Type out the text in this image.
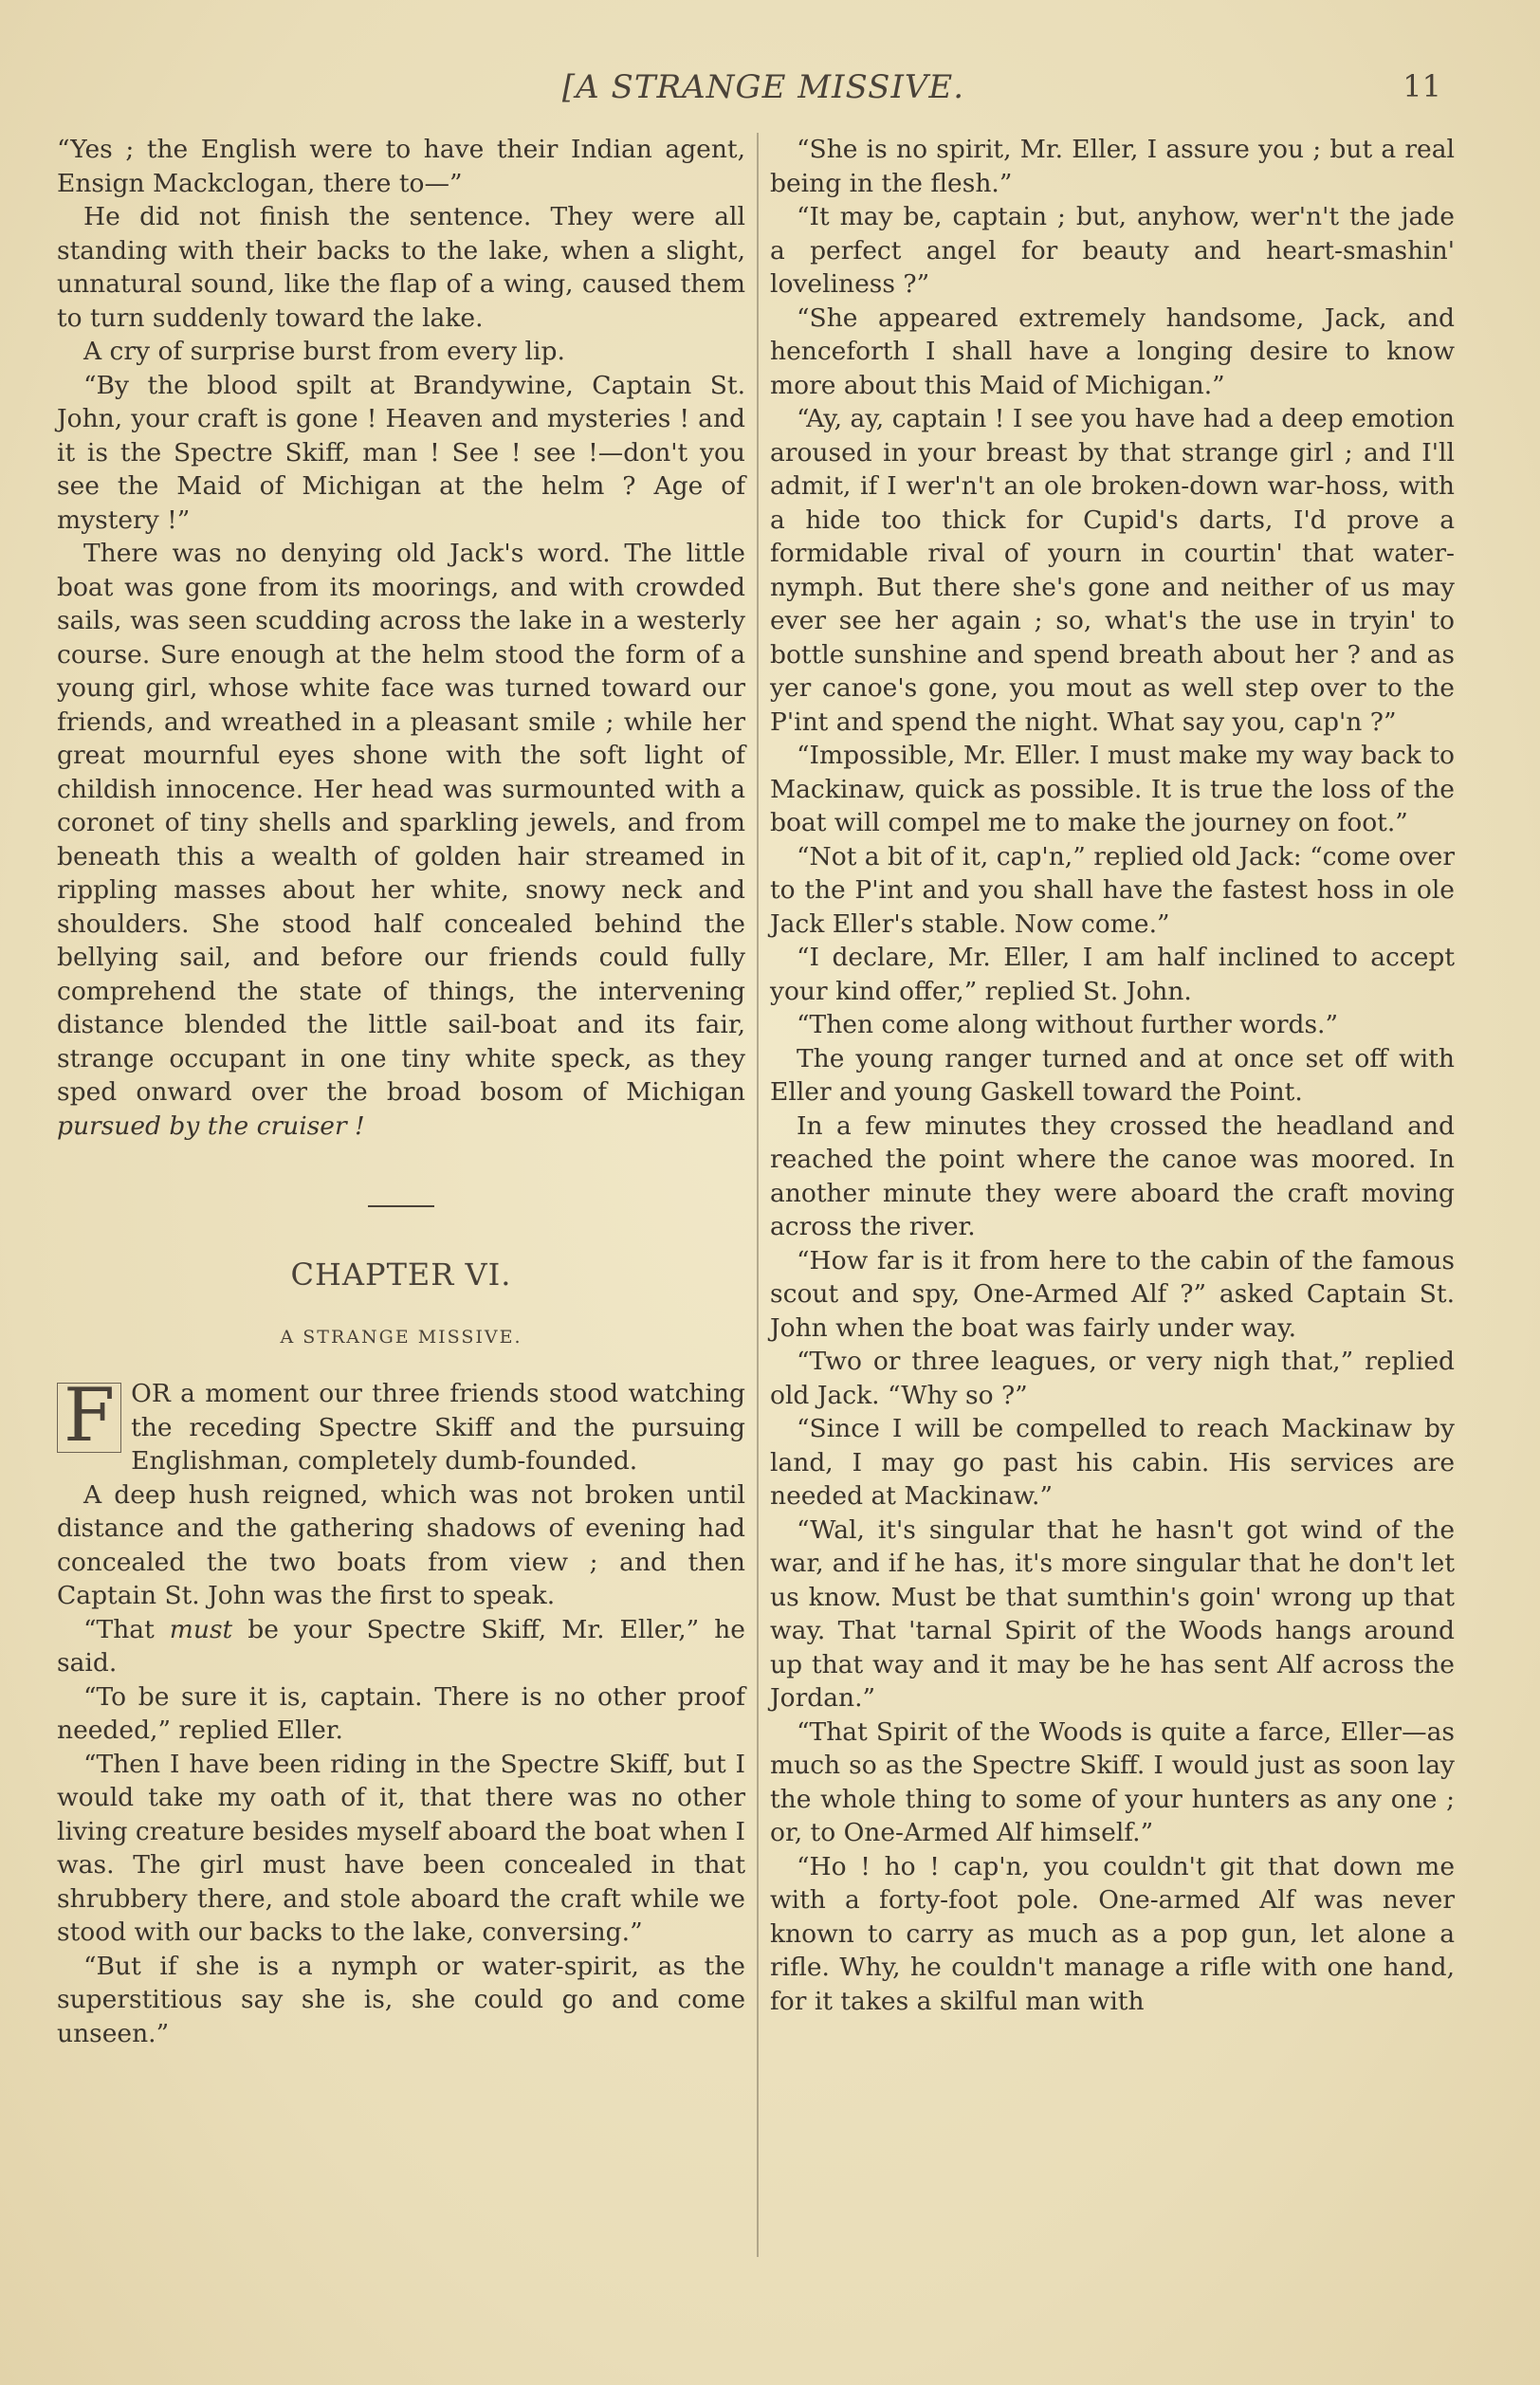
[A STRANGE MISSIVE.	11

“Yes ; the English were to have their Indian agent, Ensign Mackclogan, there to—”

He did not finish the sentence. They were all standing with their backs to the lake, when a slight, unnatural sound, like the flap of a wing, caused them to turn suddenly toward the lake.

A cry of surprise burst from every lip.

“By the blood spilt at Brandywine, Captain St. John, your craft is gone ! Heaven and mysteries ! and it is the Spectre Skiff, man ! See ! see !—don't you see the Maid of Michigan at the helm ? Age of mystery !”

There was no denying old Jack's word. The little boat was gone from its moorings, and with crowded sails, was seen scudding across the lake in a westerly course. Sure enough at the helm stood the form of a young girl, whose white face was turned toward our friends, and wreathed in a pleasant smile ; while her great mournful eyes shone with the soft light of childish innocence. Her head was surmounted with a coronet of tiny shells and sparkling jewels, and from beneath this a wealth of golden hair streamed in rippling masses about her white, snowy neck and shoulders. She stood half concealed behind the bellying sail, and before our friends could fully comprehend the state of things, the intervening distance blended the little sail-boat and its fair, strange occupant in one tiny white speck, as they sped onward over the broad bosom of Michigan pursued by the cruiser !

CHAPTER VI.
A STRANGE MISSIVE.

F OR a moment our three friends stood watching the receding Spectre Skiff and the pursuing Englishman, completely dumb-founded.

A deep hush reigned, which was not broken until distance and the gathering shadows of evening had concealed the two boats from view ; and then Captain St. John was the first to speak.

“That must be your Spectre Skiff, Mr. Eller,” he said.

“To be sure it is, captain. There is no other proof needed,” replied Eller.

“Then I have been riding in the Spectre Skiff, but I would take my oath of it, that there was no other living creature besides myself aboard the boat when I was. The girl must have been concealed in that shrubbery there, and stole aboard the craft while we stood with our backs to the lake, conversing.”

“But if she is a nymph or water-spirit, as the superstitious say she is, she could go and come unseen.”

“She is no spirit, Mr. Eller, I assure you ; but a real being in the flesh.”

“It may be, captain ; but, anyhow, wer'n't the jade a perfect angel for beauty and heart-smashin' loveliness ?”

“She appeared extremely handsome, Jack, and henceforth I shall have a longing desire to know more about this Maid of Michigan.”

“Ay, ay, captain ! I see you have had a deep emotion aroused in your breast by that strange girl ; and I'll admit, if I wer'n't an ole broken-down war-hoss, with a hide too thick for Cupid's darts, I'd prove a formidable rival of yourn in courtin' that water-nymph. But there she's gone and neither of us may ever see her again ; so, what's the use in tryin' to bottle sunshine and spend breath about her ? and as yer canoe's gone, you mout as well step over to the P'int and spend the night. What say you, cap'n ?”

“Impossible, Mr. Eller. I must make my way back to Mackinaw, quick as possible. It is true the loss of the boat will compel me to make the journey on foot.”

“Not a bit of it, cap'n,” replied old Jack: “come over to the P'int and you shall have the fastest hoss in ole Jack Eller's stable. Now come.”

“I declare, Mr. Eller, I am half inclined to accept your kind offer,” replied St. John.

“Then come along without further words.”

The young ranger turned and at once set off with Eller and young Gaskell toward the Point.

In a few minutes they crossed the headland and reached the point where the canoe was moored. In another minute they were aboard the craft moving across the river.

“How far is it from here to the cabin of the famous scout and spy, One-Armed Alf ?” asked Captain St. John when the boat was fairly under way.

“Two or three leagues, or very nigh that,” replied old Jack. “Why so ?”

“Since I will be compelled to reach Mackinaw by land, I may go past his cabin. His services are needed at Mackinaw.”

“Wal, it's singular that he hasn't got wind of the war, and if he has, it's more singular that he don't let us know. Must be that sumthin's goin' wrong up that way. That 'tarnal Spirit of the Woods hangs around up that way and it may be he has sent Alf across the Jordan.”

“That Spirit of the Woods is quite a farce, Eller—as much so as the Spectre Skiff. I would just as soon lay the whole thing to some of your hunters as any one ; or, to One-Armed Alf himself.”

“Ho ! ho ! cap'n, you couldn't git that down me with a forty-foot pole. One-armed Alf was never known to carry as much as a pop gun, let alone a rifle. Why, he couldn't manage a rifle with one hand, for it takes a skilful man with
